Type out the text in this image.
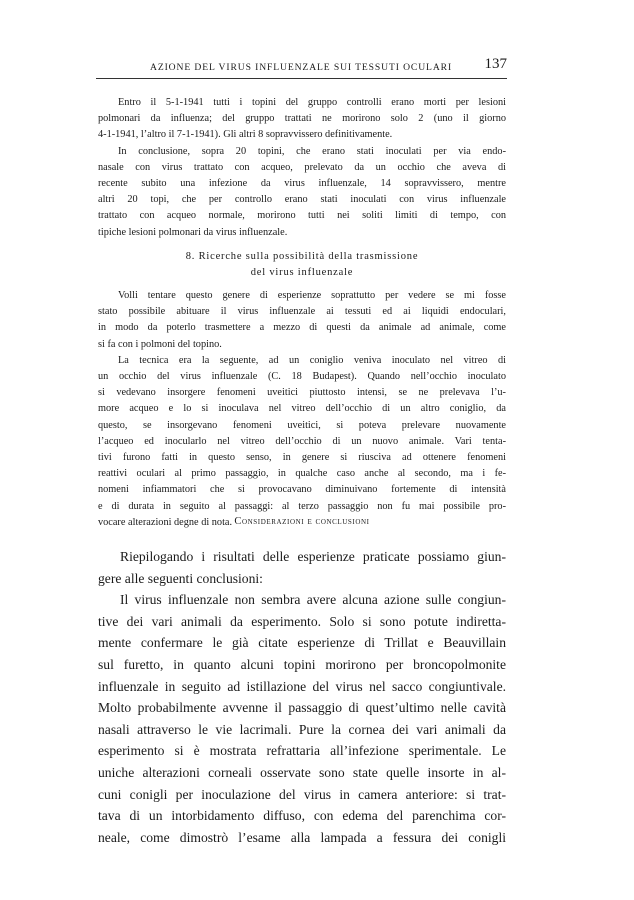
AZIONE DEL VIRUS INFLUENZALE SUI TESSUTI OCULARI 137
Entro il 5-1-1941 tutti i topini del gruppo controlli erano morti per lesioni
polmonari da influenza; del gruppo trattati ne morirono solo 2 (uno il giorno
4-1-1941, l’altro il 7-1-1941). Gli altri 8 sopravvissero definitivamente.
In conclusione, sopra 20 topini, che erano stati inoculati per via endo-
nasale con virus trattato con acqueo, prelevato da un occhio che aveva di
recente subito una infezione da virus influenzale, 14 sopravvissero, mentre
altri 20 topi, che per controllo erano stati inoculati con virus influenzale
trattato con acqueo normale, morirono tutti nei soliti limiti di tempo, con
tipiche lesioni polmonari da virus influenzale.
8. Ricerche sulla possibilità della trasmissione
del virus influenzale
Volli tentare questo genere di esperienze soprattutto per vedere se mi fosse
stato possibile abituare il virus influenzale ai tessuti ed ai liquidi endoculari,
in modo da poterlo trasmettere a mezzo di questi da animale ad animale, come
si fa con i polmoni del topino.
La tecnica era la seguente, ad un coniglio veniva inoculato nel vitreo di
un occhio del virus influenzale (C. 18 Budapest). Quando nell’occhio inoculato
si vedevano insorgere fenomeni uveitici piuttosto intensi, se ne prelevava l’u-
more acqueo e lo si inoculava nel vitreo dell’occhio di un altro coniglio, da
questo, se insorgevano fenomeni uveitici, si poteva prelevare nuovamente
l’acqueo ed inocularlo nel vitreo dell’occhio di un nuovo animale. Vari tenta-
tivi furono fatti in questo senso, in genere si riusciva ad ottenere fenomeni
reattivi oculari al primo passaggio, in qualche caso anche al secondo, ma i fe-
nomeni infiammatori che si provocavano diminuivano fortemente di intensità
e di durata in seguito al passaggi: al terzo passaggio non fu mai possibile pro-
vocare alterazioni degne di nota. Considerazioni e conclusioni
Riepilogando i risultati delle esperienze praticate possiamo giun-
gere alle seguenti conclusioni:
Il virus influenzale non sembra avere alcuna azione sulle congiun-
tive dei vari animali da esperimento. Solo si sono potute indiretta-
mente confermare le già citate esperienze di Trillat e Beauvillain
sul furetto, in quanto alcuni topini morirono per broncopolmonite
influenzale in seguito ad istillazione del virus nel sacco congiuntivale.
Molto probabilmente avvenne il passaggio di quest’ultimo nelle cavità
nasali attraverso le vie lacrimali. Pure la cornea dei vari animali da
esperimento si è mostrata refrattaria all’infezione sperimentale. Le
uniche alterazioni corneali osservate sono state quelle insorte in al-
cuni conigli per inoculazione del virus in camera anteriore: si trat-
tava di un intorbidamento diffuso, con edema del parenchima cor-
neale, come dimostrò l’esame alla lampada a fessura dei conigli
